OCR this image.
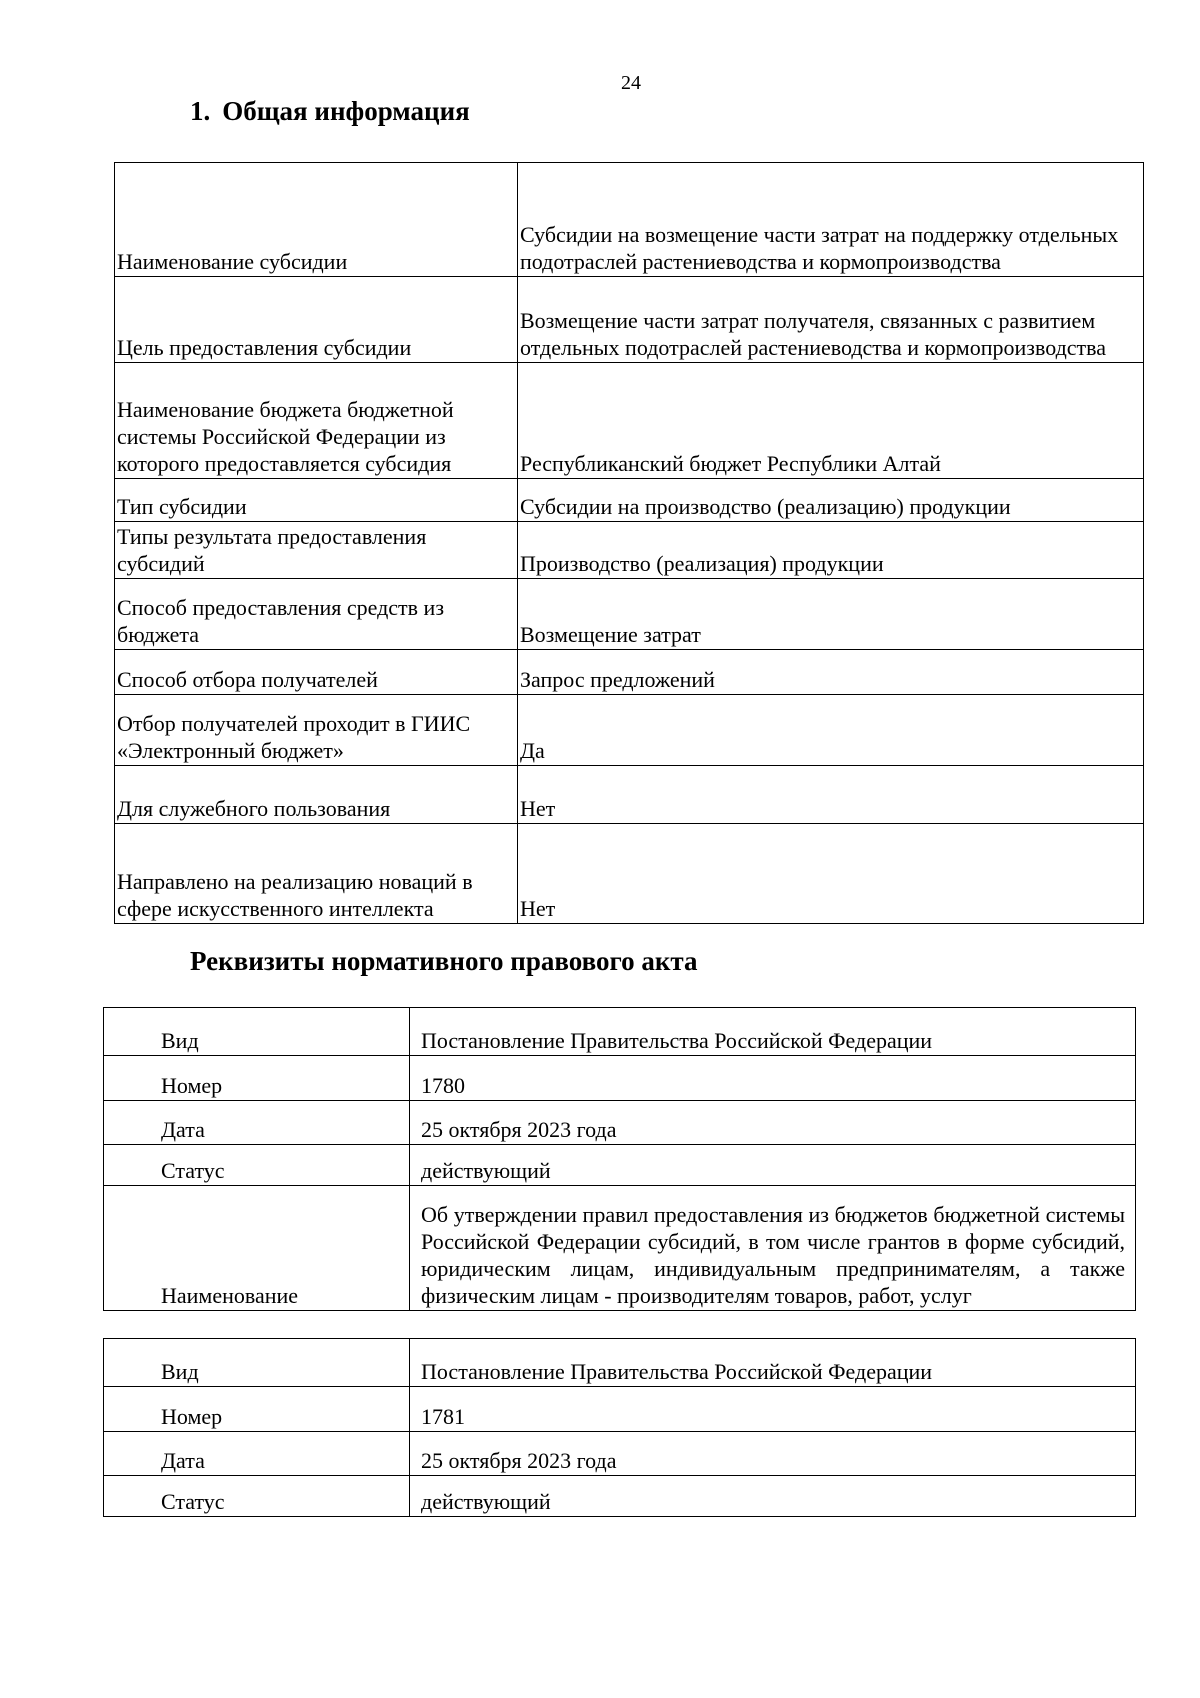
24
1. Общая информация
Наименование субсидии	Субсидии на возмещение части затрат на поддержку отдельных подотраслей растениеводства и кормопроизводства
Цель предоставления субсидии	Возмещение части затрат получателя, связанных с развитием отдельных подотраслей растениеводства и кормопроизводства
Наименование бюджета бюджетной системы Российской Федерации из которого предоставляется субсидия	Республиканский бюджет Республики Алтай
Тип субсидии	Субсидии на производство (реализацию) продукции
Типы результата предоставления субсидий	Производство (реализация) продукции
Способ предоставления средств из бюджета	Возмещение затрат
Способ отбора получателей	Запрос предложений
Отбор получателей проходит в ГИИС «Электронный бюджет»	Да
Для служебного пользования	Нет
Направлено на реализацию новаций в сфере искусственного интеллекта	Нет
Реквизиты нормативного правового акта
Вид	Постановление Правительства Российской Федерации
Номер	1780
Дата	25 октября 2023 года
Статус	действующий
Наименование	Об утверждении правил предоставления из бюджетов бюджетной системы Российской Федерации субсидий, в том числе грантов в форме субсидий, юридическим лицам, индивидуальным предпринимателям, а также физическим лицам - производителям товаров, работ, услуг
Вид	Постановление Правительства Российской Федерации
Номер	1781
Дата	25 октября 2023 года
Статус	действующий
